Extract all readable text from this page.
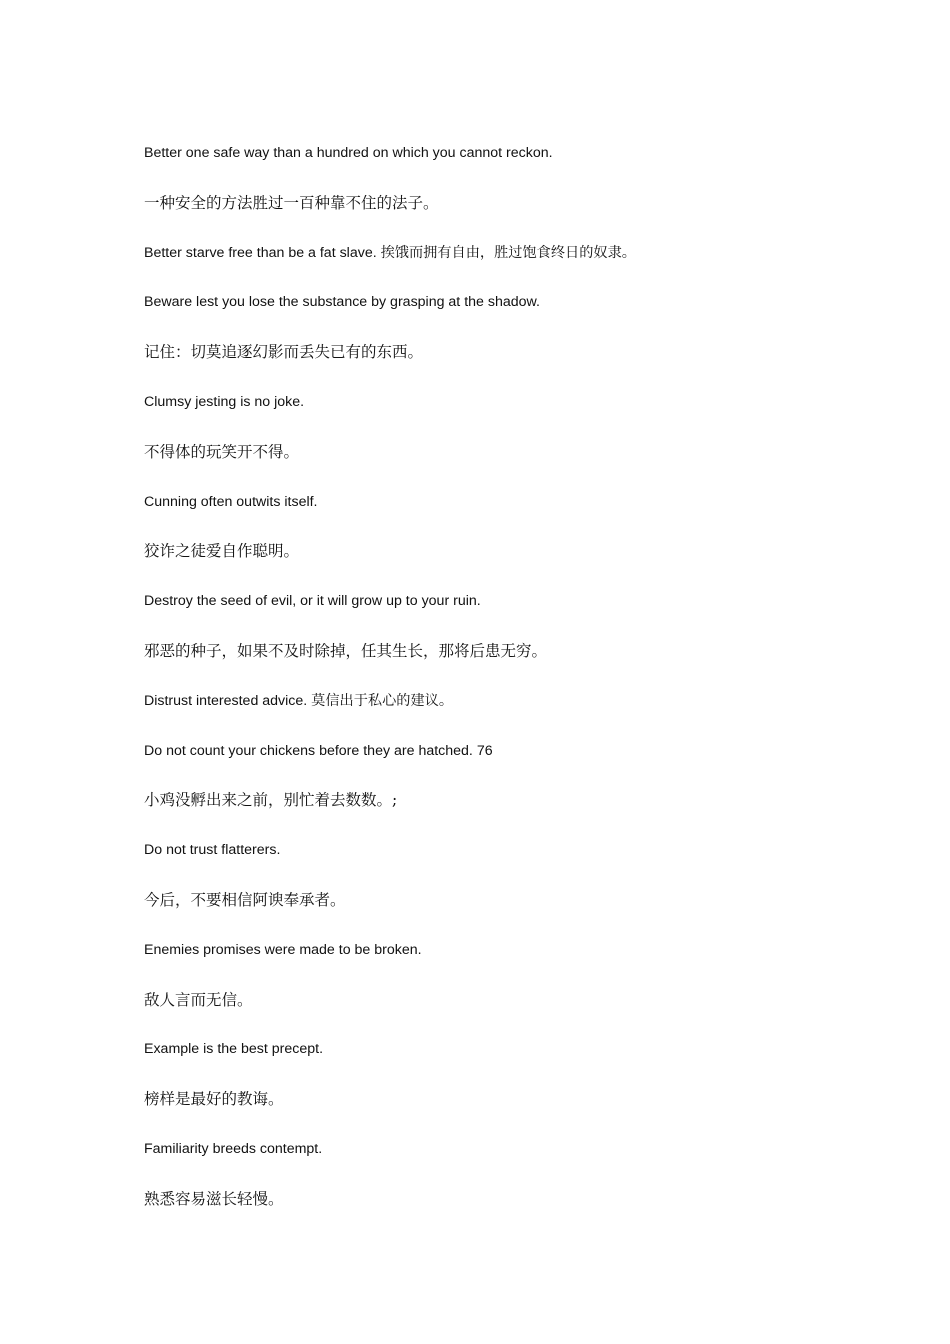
Better one safe way than a hundred on which you cannot reckon.
一种安全的方法胜过一百种靠不住的法子。
Better starve free than be a fat slave. 挨饿而拥有自由，胜过饱食终日的奴隶。
Beware lest you lose the substance by grasping at the shadow.
记住：切莫追逐幻影而丢失已有的东西。
Clumsy jesting is no joke.
不得体的玩笑开不得。
Cunning often outwits itself.
狡诈之徒爱自作聪明。
Destroy the seed of evil, or it will grow up to your ruin.
邪恶的种子，如果不及时除掉，任其生长，那将后患无穷。
Distrust interested advice. 莫信出于私心的建议。
Do not count your chickens before they are hatched. 76
小鸡没孵出来之前，别忙着去数数。;
Do not trust flatterers.
今后，不要相信阿谀奉承者。
Enemies promises were made to be broken.
敌人言而无信。
Example is the best precept.
榜样是最好的教诲。
Familiarity breeds contempt.
熟悉容易滋长轻慢。
